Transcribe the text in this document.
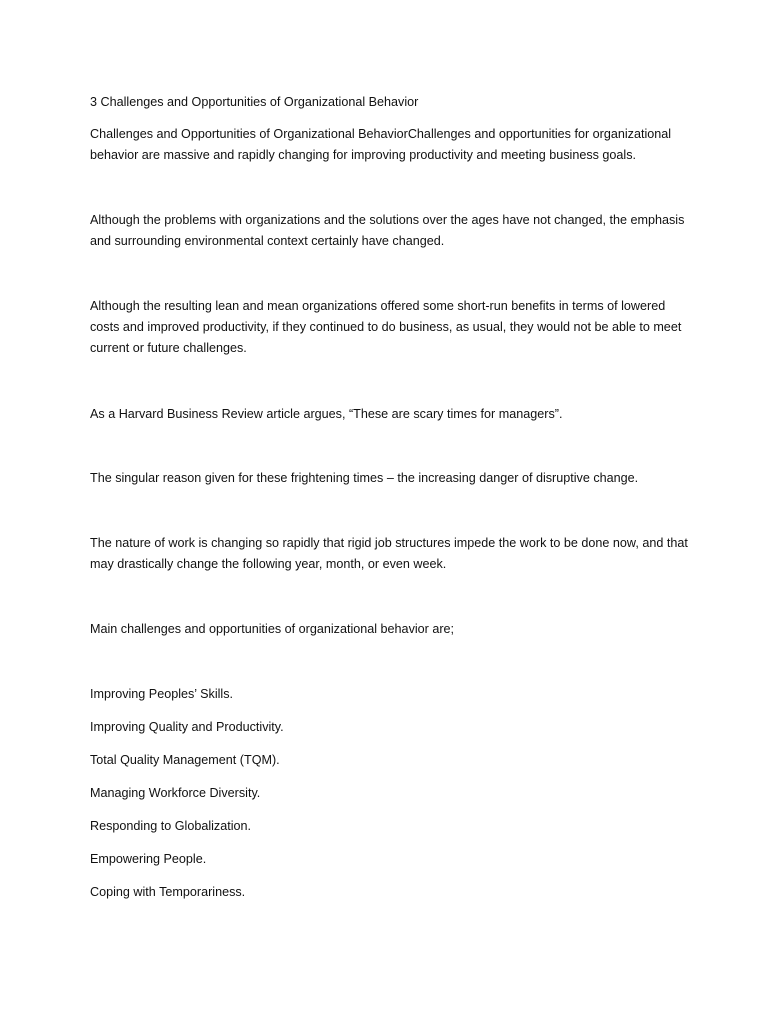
3 Challenges and Opportunities of Organizational Behavior
Challenges and Opportunities of Organizational BehaviorChallenges and opportunities for organizational behavior are massive and rapidly changing for improving productivity and meeting business goals.
Although the problems with organizations and the solutions over the ages have not changed, the emphasis and surrounding environmental context certainly have changed.
Although the resulting lean and mean organizations offered some short-run benefits in terms of lowered costs and improved productivity, if they continued to do business, as usual, they would not be able to meet current or future challenges.
As a Harvard Business Review article argues, “These are scary times for managers”.
The singular reason given for these frightening times – the increasing danger of disruptive change.
The nature of work is changing so rapidly that rigid job structures impede the work to be done now, and that may drastically change the following year, month, or even week.
Main challenges and opportunities of organizational behavior are;
Improving Peoples’ Skills.
Improving Quality and Productivity.
Total Quality Management (TQM).
Managing Workforce Diversity.
Responding to Globalization.
Empowering People.
Coping with Temporariness.
